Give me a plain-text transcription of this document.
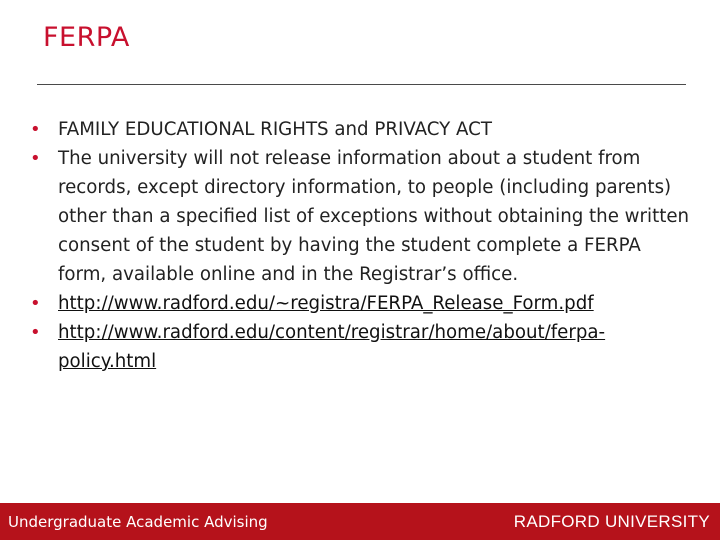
FERPA
• FAMILY EDUCATIONAL RIGHTS and PRIVACY ACT
• The university will not release information about a student from records, except directory information, to people (including parents) other than a specified list of exceptions without obtaining the written consent of the student by having the student complete a FERPA form, available online and in the Registrar’s office.
• http://www.radford.edu/~registra/FERPA_Release_Form.pdf
• http://www.radford.edu/content/registrar/home/about/ferpa-policy.html
Undergraduate Academic Advising	RADFORD UNIVERSITY
